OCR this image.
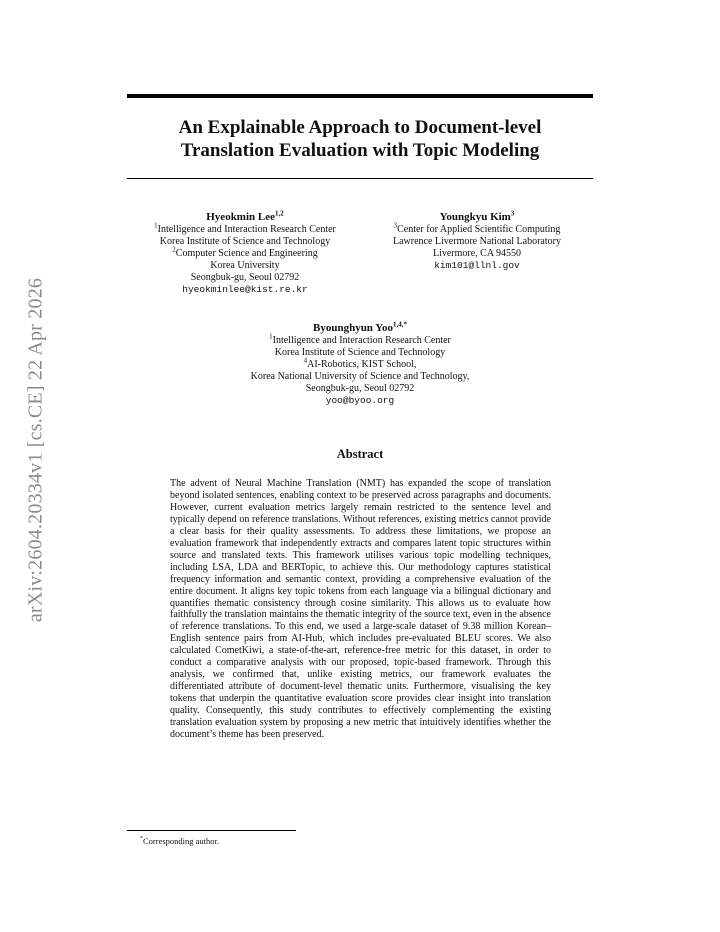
arXiv:2604.20334v1 [cs.CE] 22 Apr 2026
An Explainable Approach to Document-level
Translation Evaluation with Topic Modeling
Hyeokmin Lee$^{1,2}$
$^1$Intelligence and Interaction Research Center
Korea Institute of Science and Technology
$^2$Computer Science and Engineering
Korea University
Seongbuk-gu, Seoul 02792
hyeokminlee@kist.re.kr
Youngkyu Kim$^3$
$^3$Center for Applied Scientific Computing
Lawrence Livermore National Laboratory
Livermore, CA 94550
kim101@llnl.gov
Byounghyun Yoo$^{1,4,*}$
$^1$Intelligence and Interaction Research Center
Korea Institute of Science and Technology
$^4$AI-Robotics, KIST School,
Korea National University of Science and Technology,
Seongbuk-gu, Seoul 02792
yoo@byoo.org
Abstract
The advent of Neural Machine Translation (NMT) has expanded the scope of translation beyond isolated sentences, enabling context to be preserved across paragraphs and documents. However, current evaluation metrics largely remain restricted to the sentence level and typically depend on reference translations. Without references, existing metrics cannot provide a clear basis for their quality assessments. To address these limitations, we propose an evaluation framework that independently extracts and compares latent topic structures within source and translated texts. This framework utilises various topic modelling techniques, including LSA, LDA and BERTopic, to achieve this. Our methodology captures statistical frequency information and semantic context, providing a comprehensive evaluation of the entire document. It aligns key topic tokens from each language via a bilingual dictionary and quantifies thematic consistency through cosine similarity. This allows us to evaluate how faithfully the translation maintains the thematic integrity of the source text, even in the absence of reference translations. To this end, we used a large-scale dataset of 9.38 million Korean–English sentence pairs from AI-Hub, which includes pre-evaluated BLEU scores. We also calculated CometKiwi, a state-of-the-art, reference-free metric for this dataset, in order to conduct a comparative analysis with our proposed, topic-based framework. Through this analysis, we confirmed that, unlike existing metrics, our framework evaluates the differentiated attribute of document-level thematic units. Furthermore, visualising the key tokens that underpin the quantitative evaluation score provides clear insight into translation quality. Consequently, this study contributes to effectively complementing the existing translation evaluation system by proposing a new metric that intuitively identifies whether the document’s theme has been preserved.
*Corresponding author.
